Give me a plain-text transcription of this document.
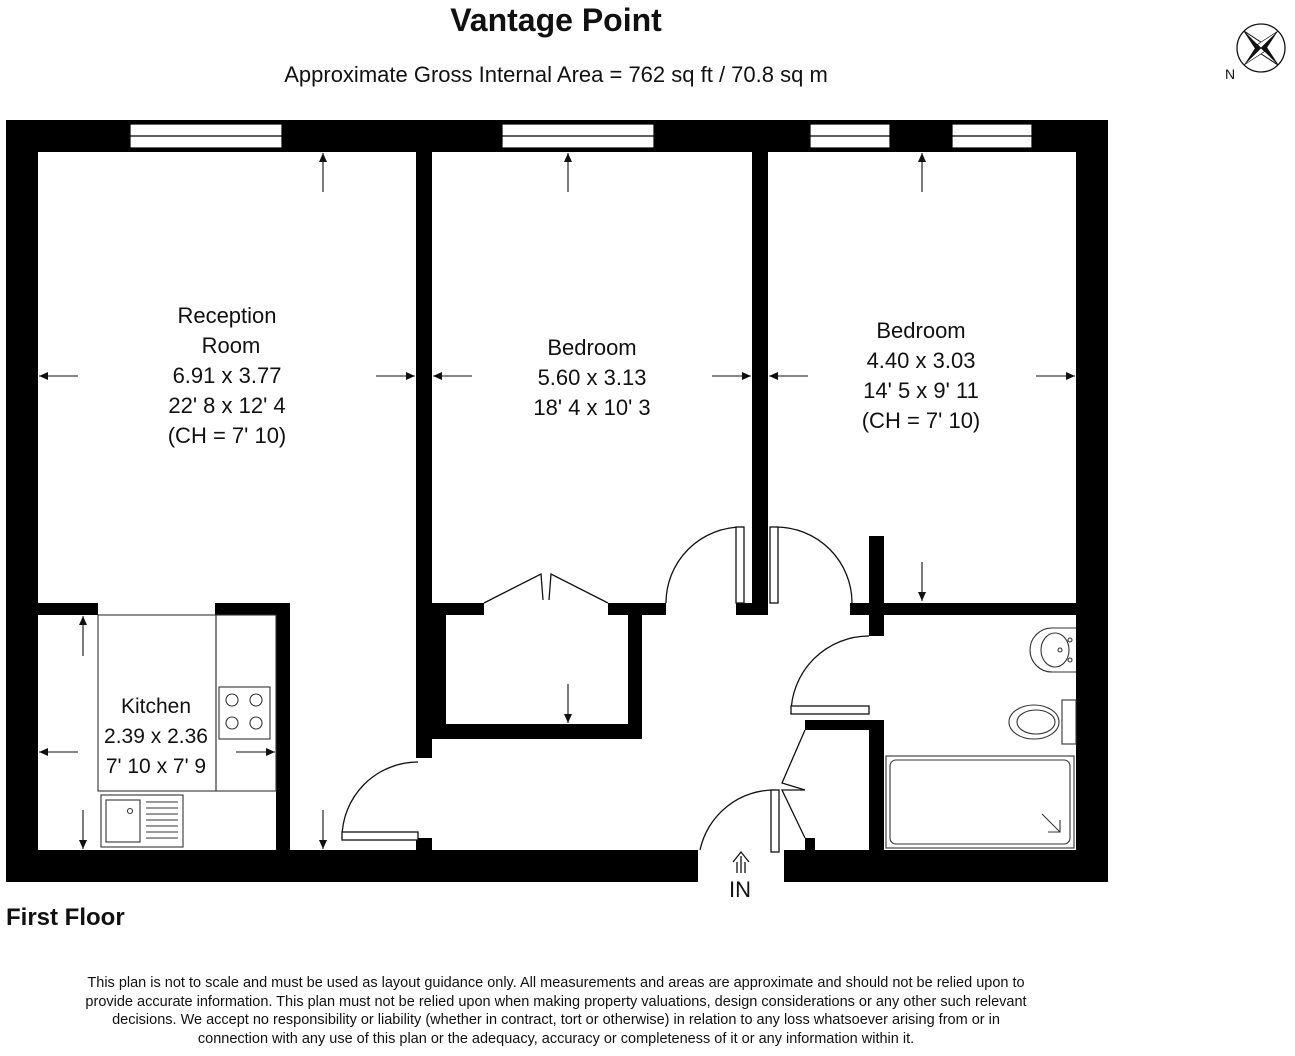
Vantage Point
Approximate Gross Internal Area = 762 sq ft / 70.8 sq m
IN
Reception
Room
6.91 x 3.77
22' 8 x 12' 4
(CH = 7' 10)
Bedroom
5.60 x 3.13
18' 4 x 10' 3
Bedroom
4.40 x 3.03
14' 5 x 9' 11
(CH = 7' 10)
Kitchen
2.39 x 2.36
7' 10 x 7' 9
N
First Floor
This plan is not to scale and must be used as layout guidance only. All measurements and areas are approximate and should not be relied upon to
provide accurate information. This plan must not be relied upon when making property valuations, design considerations or any other such relevant
decisions. We accept no responsibility or liability (whether in contract, tort or otherwise) in relation to any loss whatsoever arising from or in
connection with any use of this plan or the adequacy, accuracy or completeness of it or any information within it.
